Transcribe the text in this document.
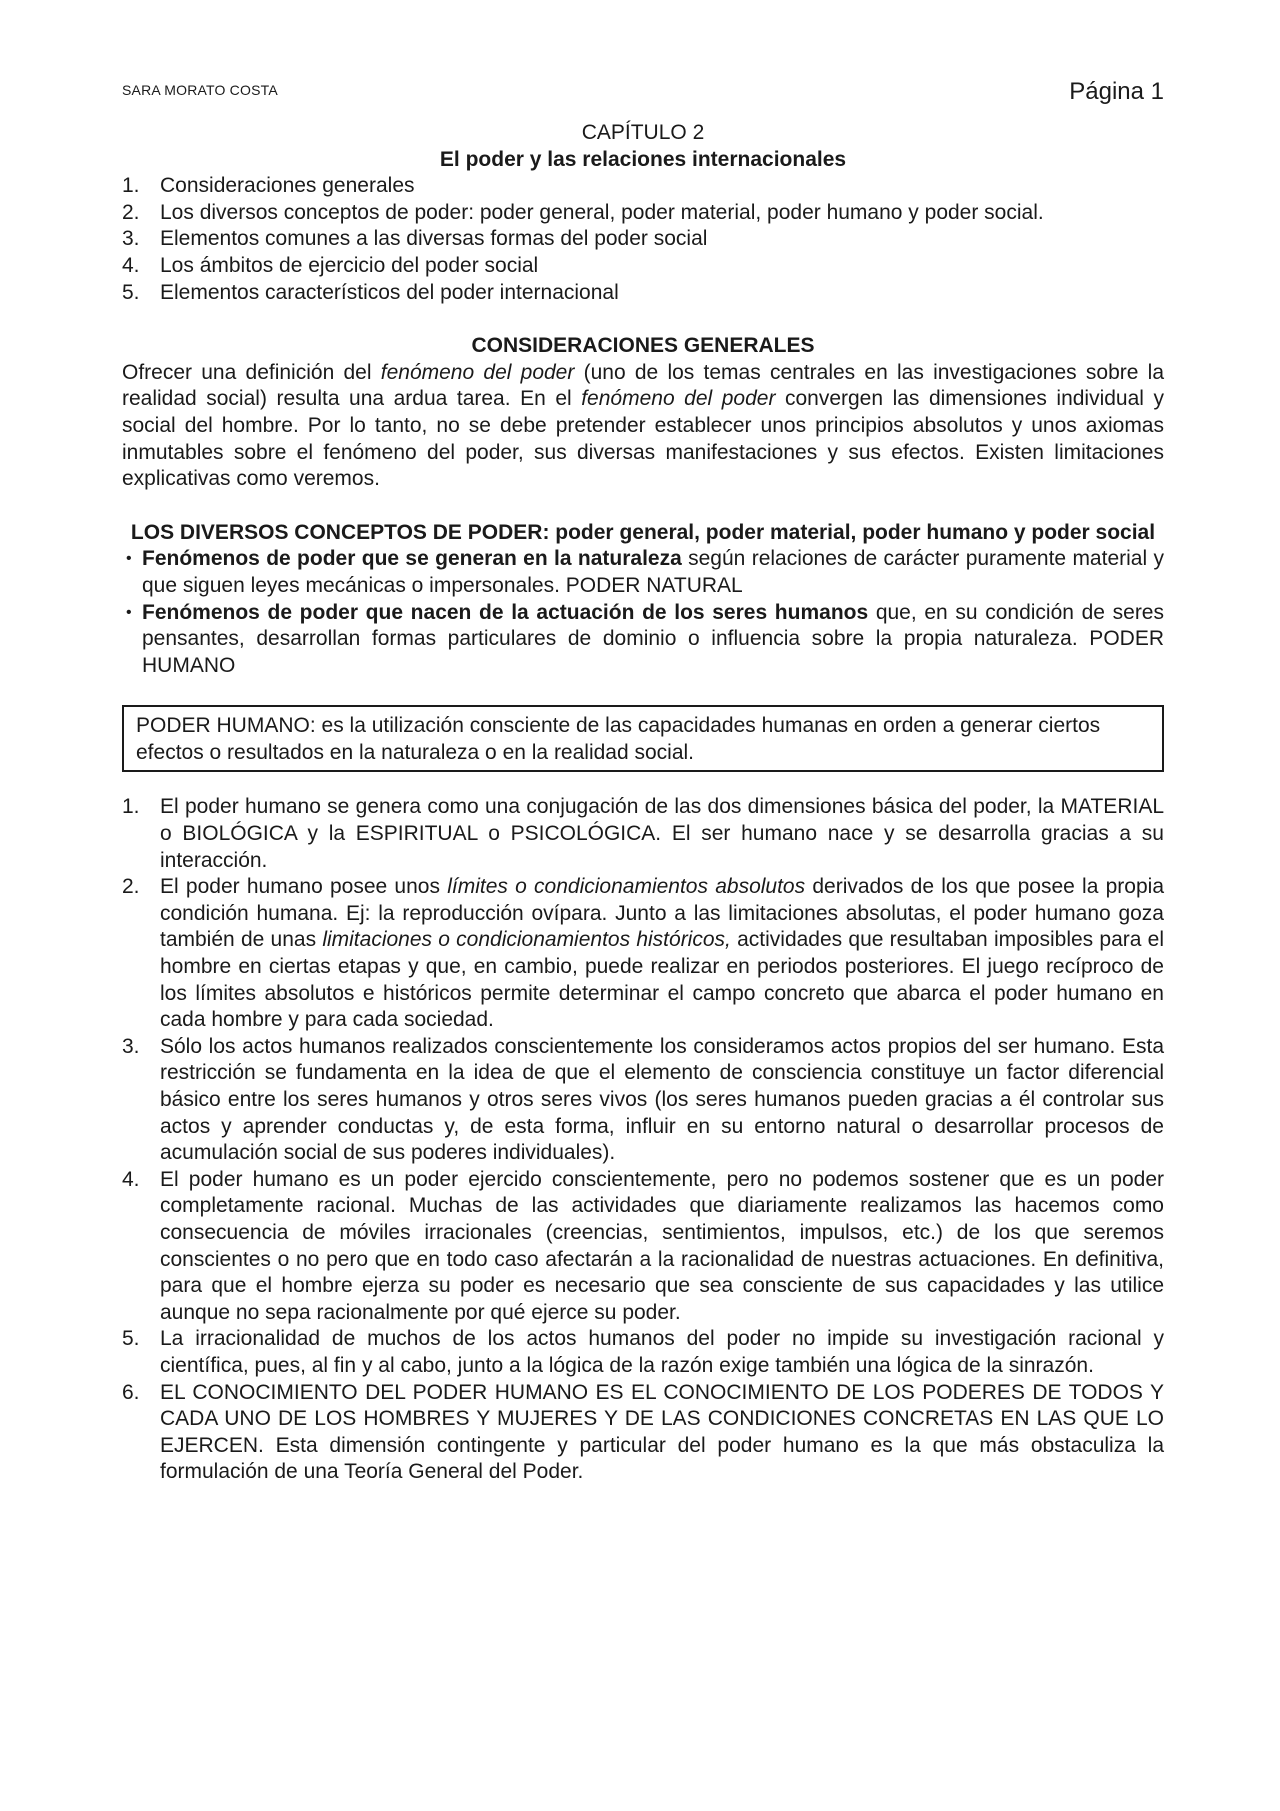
SARA MORATO COSTA	Página 1
CAPÍTULO 2
El poder y las relaciones internacionales
1. Consideraciones generales
2. Los diversos conceptos de poder: poder general, poder material, poder humano y poder social.
3. Elementos comunes a las diversas formas del poder social
4. Los ámbitos de ejercicio del poder social
5. Elementos característicos del poder internacional
CONSIDERACIONES GENERALES

Ofrecer una definición del fenómeno del poder (uno de los temas centrales en las investigaciones sobre la realidad social) resulta una ardua tarea. En el fenómeno del poder convergen las dimensiones individual y social del hombre. Por lo tanto, no se debe pretender establecer unos principios absolutos y unos axiomas inmutables sobre el fenómeno del poder, sus diversas manifestaciones y sus efectos. Existen limitaciones explicativas como veremos.

LOS DIVERSOS CONCEPTOS DE PODER: poder general, poder material, poder humano y poder social
• Fenómenos de poder que se generan en la naturaleza según relaciones de carácter puramente material y que siguen leyes mecánicas o impersonales. PODER NATURAL
• Fenómenos de poder que nacen de la actuación de los seres humanos que, en su condición de seres pensantes, desarrollan formas particulares de dominio o influencia sobre la propia naturaleza. PODER HUMANO
PODER HUMANO: es la utilización consciente de las capacidades humanas en orden a generar ciertos efectos o resultados en la naturaleza o en la realidad social.
1. El poder humano se genera como una conjugación de las dos dimensiones básica del poder, la MATERIAL o BIOLÓGICA y la ESPIRITUAL o PSICOLÓGICA. El ser humano nace y se desarrolla gracias a su interacción.
2. El poder humano posee unos límites o condicionamientos absolutos derivados de los que posee la propia condición humana. Ej: la reproducción ovípara. Junto a las limitaciones absolutas, el poder humano goza también de unas limitaciones o condicionamientos históricos, actividades que resultaban imposibles para el hombre en ciertas etapas y que, en cambio, puede realizar en periodos posteriores. El juego recíproco de los límites absolutos e históricos permite determinar el campo concreto que abarca el poder humano en cada hombre y para cada sociedad.
3. Sólo los actos humanos realizados conscientemente los consideramos actos propios del ser humano. Esta restricción se fundamenta en la idea de que el elemento de consciencia constituye un factor diferencial básico entre los seres humanos y otros seres vivos (los seres humanos pueden gracias a él controlar sus actos y aprender conductas y, de esta forma, influir en su entorno natural o desarrollar procesos de acumulación social de sus poderes individuales).
4. El poder humano es un poder ejercido conscientemente, pero no podemos sostener que es un poder completamente racional. Muchas de las actividades que diariamente realizamos las hacemos como consecuencia de móviles irracionales (creencias, sentimientos, impulsos, etc.) de los que seremos conscientes o no pero que en todo caso afectarán a la racionalidad de nuestras actuaciones. En definitiva, para que el hombre ejerza su poder es necesario que sea consciente de sus capacidades y las utilice aunque no sepa racionalmente por qué ejerce su poder.
5. La irracionalidad de muchos de los actos humanos del poder no impide su investigación racional y científica, pues, al fin y al cabo, junto a la lógica de la razón exige también una lógica de la sinrazón.
6. EL CONOCIMIENTO DEL PODER HUMANO ES EL CONOCIMIENTO DE LOS PODERES DE TODOS Y CADA UNO DE LOS HOMBRES Y MUJERES Y DE LAS CONDICIONES CONCRETAS EN LAS QUE LO EJERCEN. Esta dimensión contingente y particular del poder humano es la que más obstaculiza la formulación de una Teoría General del Poder.
